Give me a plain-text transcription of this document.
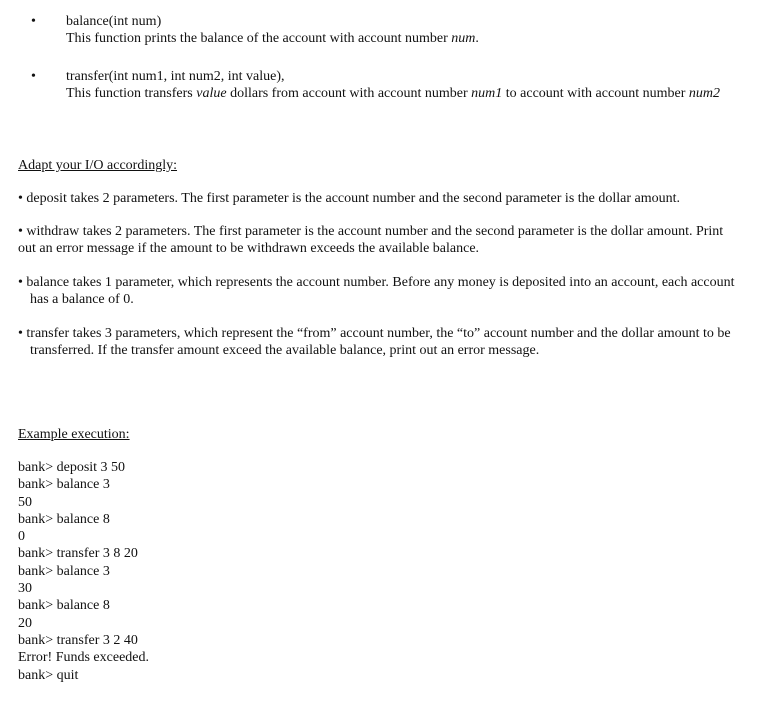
• balance(int num)
This function prints the balance of the account with account number num.
• transfer(int num1, int num2, int value),
This function transfers value dollars from account with account number num1 to account with account number num2
Adapt your I/O accordingly:
• deposit takes 2 parameters. The first parameter is the account number and the second parameter is the dollar amount.
• withdraw takes 2 parameters. The first parameter is the account number and the second parameter is the dollar amount. Print out an error message if the amount to be withdrawn exceeds the available balance.
• balance takes 1 parameter, which represents the account number. Before any money is deposited into an account, each account has a balance of 0.
• transfer takes 3 parameters, which represent the “from” account number, the “to” account number and the dollar amount to be transferred. If the transfer amount exceed the available balance, print out an error message.
Example execution:
bank> deposit 3 50
bank> balance 3
50
bank> balance 8
0
bank> transfer 3 8 20
bank> balance 3
30
bank> balance 8
20
bank> transfer 3 2 40
Error! Funds exceeded.
bank> quit
